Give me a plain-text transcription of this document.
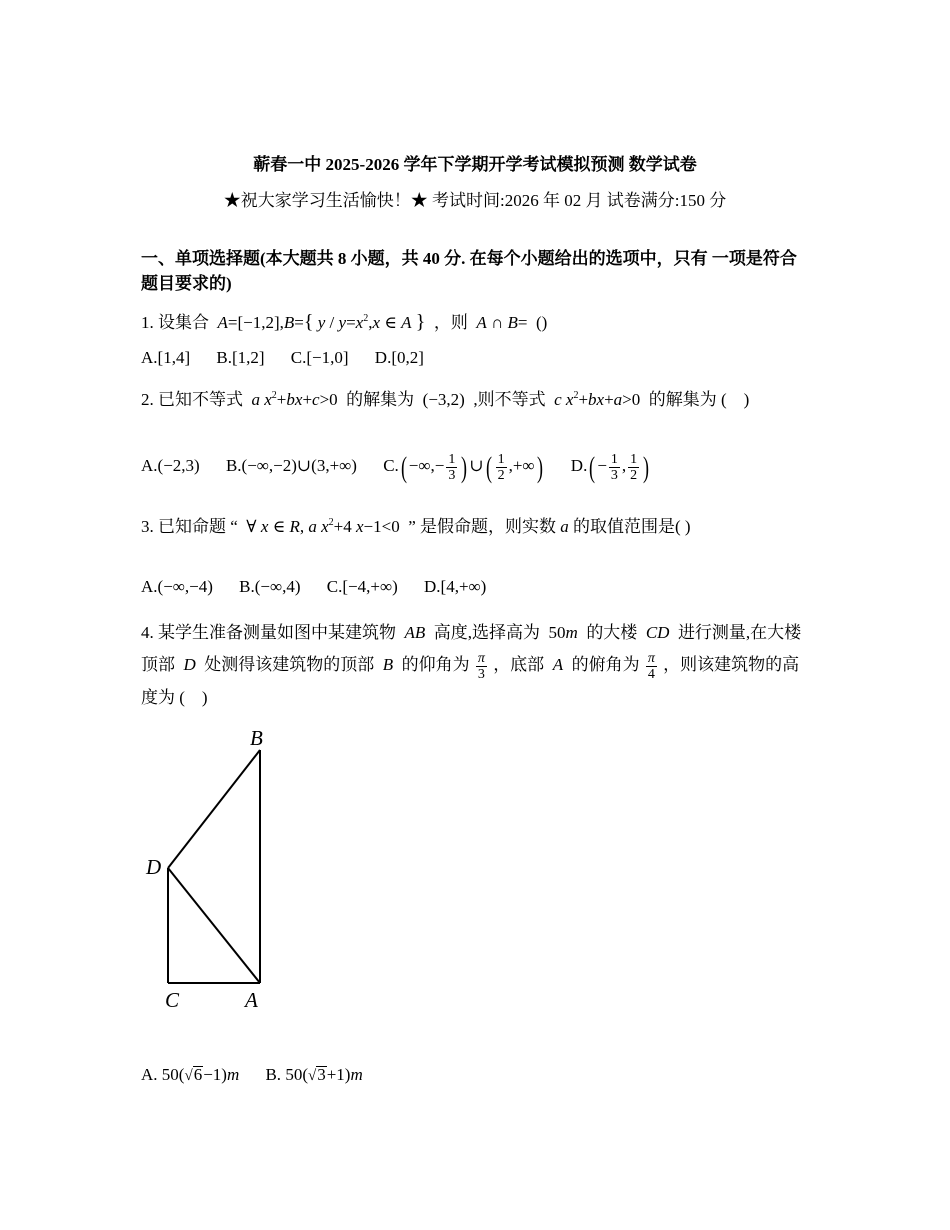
蕲春一中 2025-2026 学年下学期开学考试模拟预测 数学试卷
★祝大家学习生活愉快！★ 考试时间:2026 年 02 月 试卷满分:150 分
一、单项选择题(本大题共 8 小题，共 40 分. 在每个小题给出的选项中，只有 一项是符合题目要求的)
1. 设集合 A=[−1,2],B={ $y / y=x^2,x$ ∈ A } ，则 A ∩ B=  ()
A.[1,4] B.[1,2] C.[−1,0] D.[0,2]
2. 已知不等式 a $x^2+bx+c>0$  的解集为  (−3,2)  ,则不等式 c $x^2+bx+a>0$  的解集为 (　)
A.(−2,3) B.(−∞,−2)∪(3,+∞) C.( −∞,− $\frac{1}{3}$ ) ∪( $\frac{1}{2}$ ,+∞) $D.( - \frac{1}{3}$ , $\frac{1}{2}$ )
3. 已知命题 “  ∀ x ∈ R, a $x^2+4$ x−1<0  ” 是假命题，则实数 a 的取值范围是( )
A.(−∞,−4) B.(−∞,4) C.[−4,+∞) D.[4,+∞)
4. 某学生准备测量如图中某建筑物 AB 高度,选择高为 50m 的大楼 CD 进行测量,在大楼顶部 D 处测得该建筑物的顶部 B 的仰角为 $\frac{\pi}{3}$ ，底部 A 的俯角为 $\frac{\pi}{4}$ ，则该建筑物的高度为 (　)
B
D
C	A
A. 50(√6−1)m B. 50(√3+1)m
